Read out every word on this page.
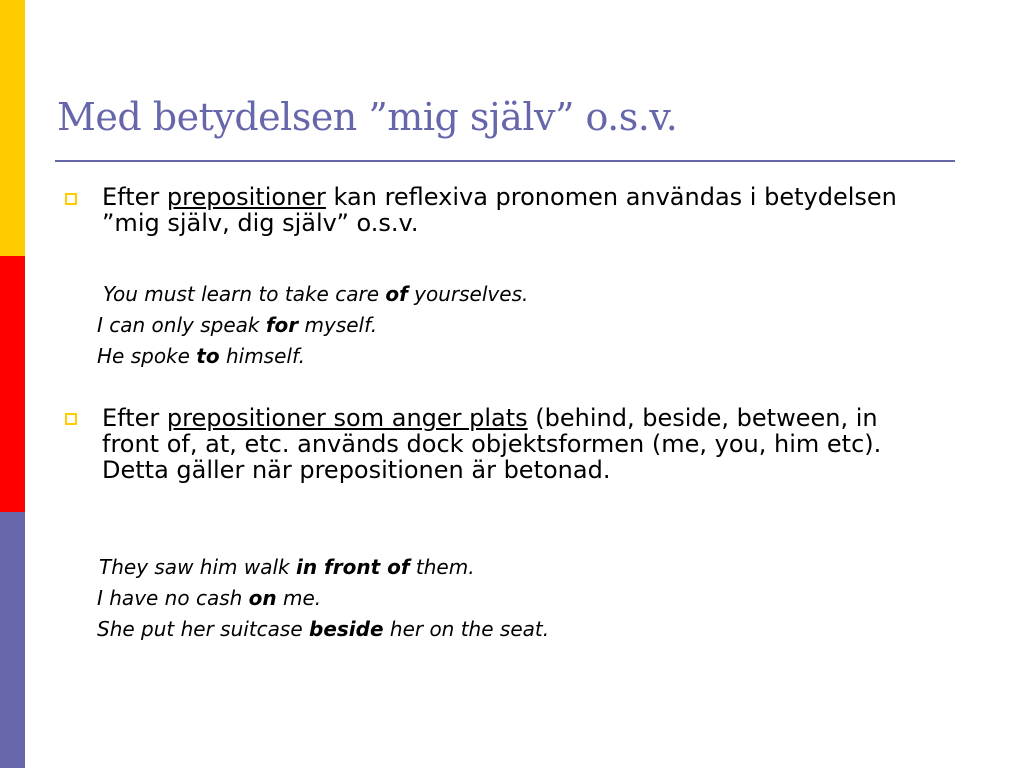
Med betydelsen ”mig själv” o.s.v.

Efter prepositioner kan reflexiva pronomen användas i betydelsen ”mig själv, dig själv” o.s.v.

You must learn to take care of yourselves.

I can only speak for myself.

He spoke to himself.

Efter prepositioner som anger plats (behind, beside, between, in front of, at, etc. används dock objektsformen (me, you, him etc). Detta gäller när prepositionen är betonad.

They saw him walk in front of them.

I have no cash on me.

She put her suitcase beside her on the seat.
